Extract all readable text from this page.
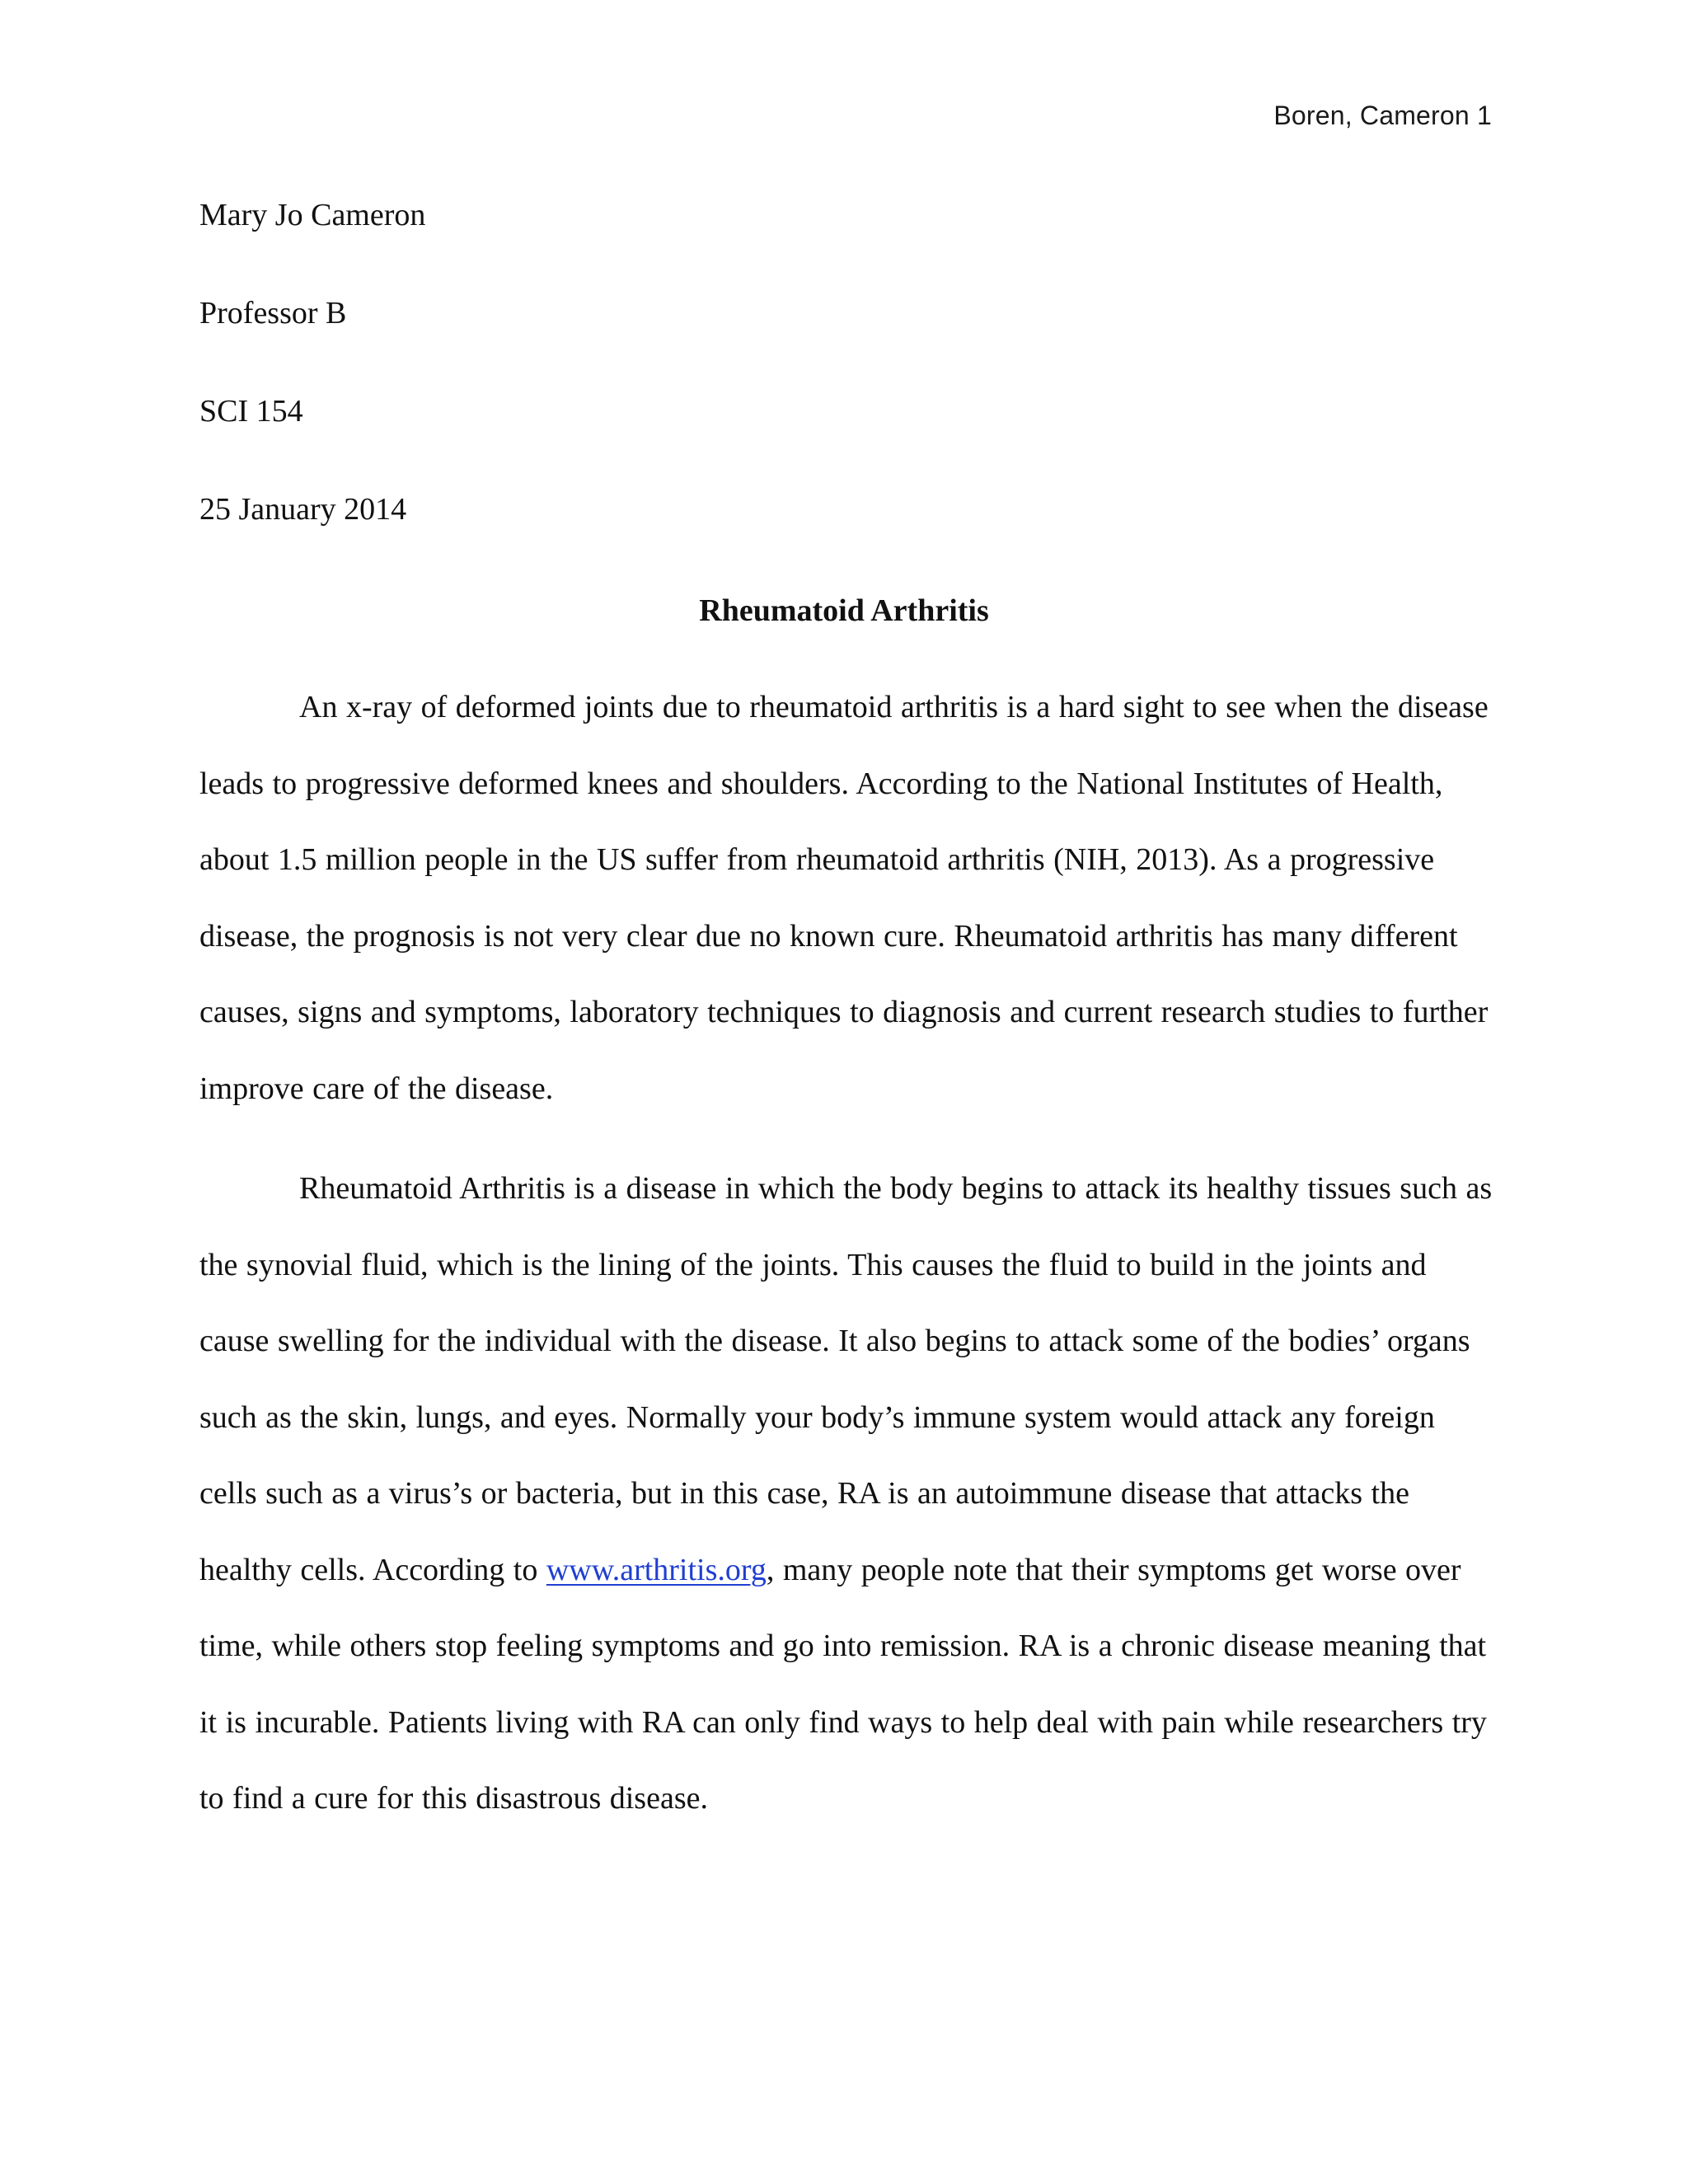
Boren, Cameron 1
Mary Jo Cameron
Professor B
SCI 154
25 January 2014
Rheumatoid Arthritis

An x-ray of deformed joints due to rheumatoid arthritis is a hard sight to see when the disease leads to progressive deformed knees and shoulders. According to the National Institutes of Health, about 1.5 million people in the US suffer from rheumatoid arthritis (NIH, 2013). As a progressive disease, the prognosis is not very clear due no known cure. Rheumatoid arthritis has many different causes, signs and symptoms, laboratory techniques to diagnosis and current research studies to further improve care of the disease.

Rheumatoid Arthritis is a disease in which the body begins to attack its healthy tissues such as the synovial fluid, which is the lining of the joints. This causes the fluid to build in the joints and cause swelling for the individual with the disease. It also begins to attack some of the bodies’ organs such as the skin, lungs, and eyes. Normally your body’s immune system would attack any foreign cells such as a virus’s or bacteria, but in this case, RA is an autoimmune disease that attacks the healthy cells. According to www.arthritis.org, many people note that their symptoms get worse over time, while others stop feeling symptoms and go into remission. RA is a chronic disease meaning that it is incurable. Patients living with RA can only find ways to help deal with pain while researchers try to find a cure for this disastrous disease.
